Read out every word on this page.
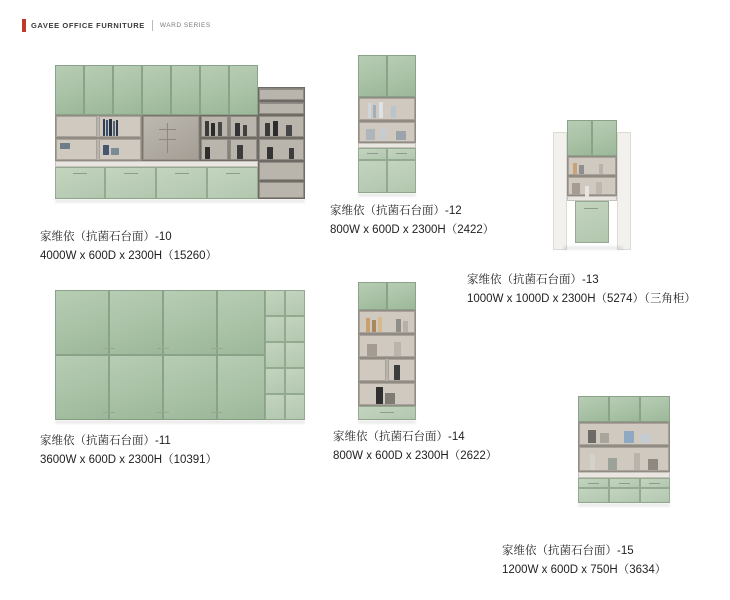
GAVEE OFFICE FURNITURE WARD SERIES
家维依（抗菌石台面）-10
4000W x 600D x 2300H（15260）
家维依（抗菌石台面）-12
800W x 600D x 2300H（2422）
家维依（抗菌石台面）-13
1000W x 1000D x 2300H（5274）（三角柜）
家维依（抗菌石台面）-11
3600W x 600D x 2300H（10391）
家维依（抗菌石台面）-14
800W x 600D x 2300H（2622）
家维依（抗菌石台面）-15
1200W x 600D x 750H（3634）
